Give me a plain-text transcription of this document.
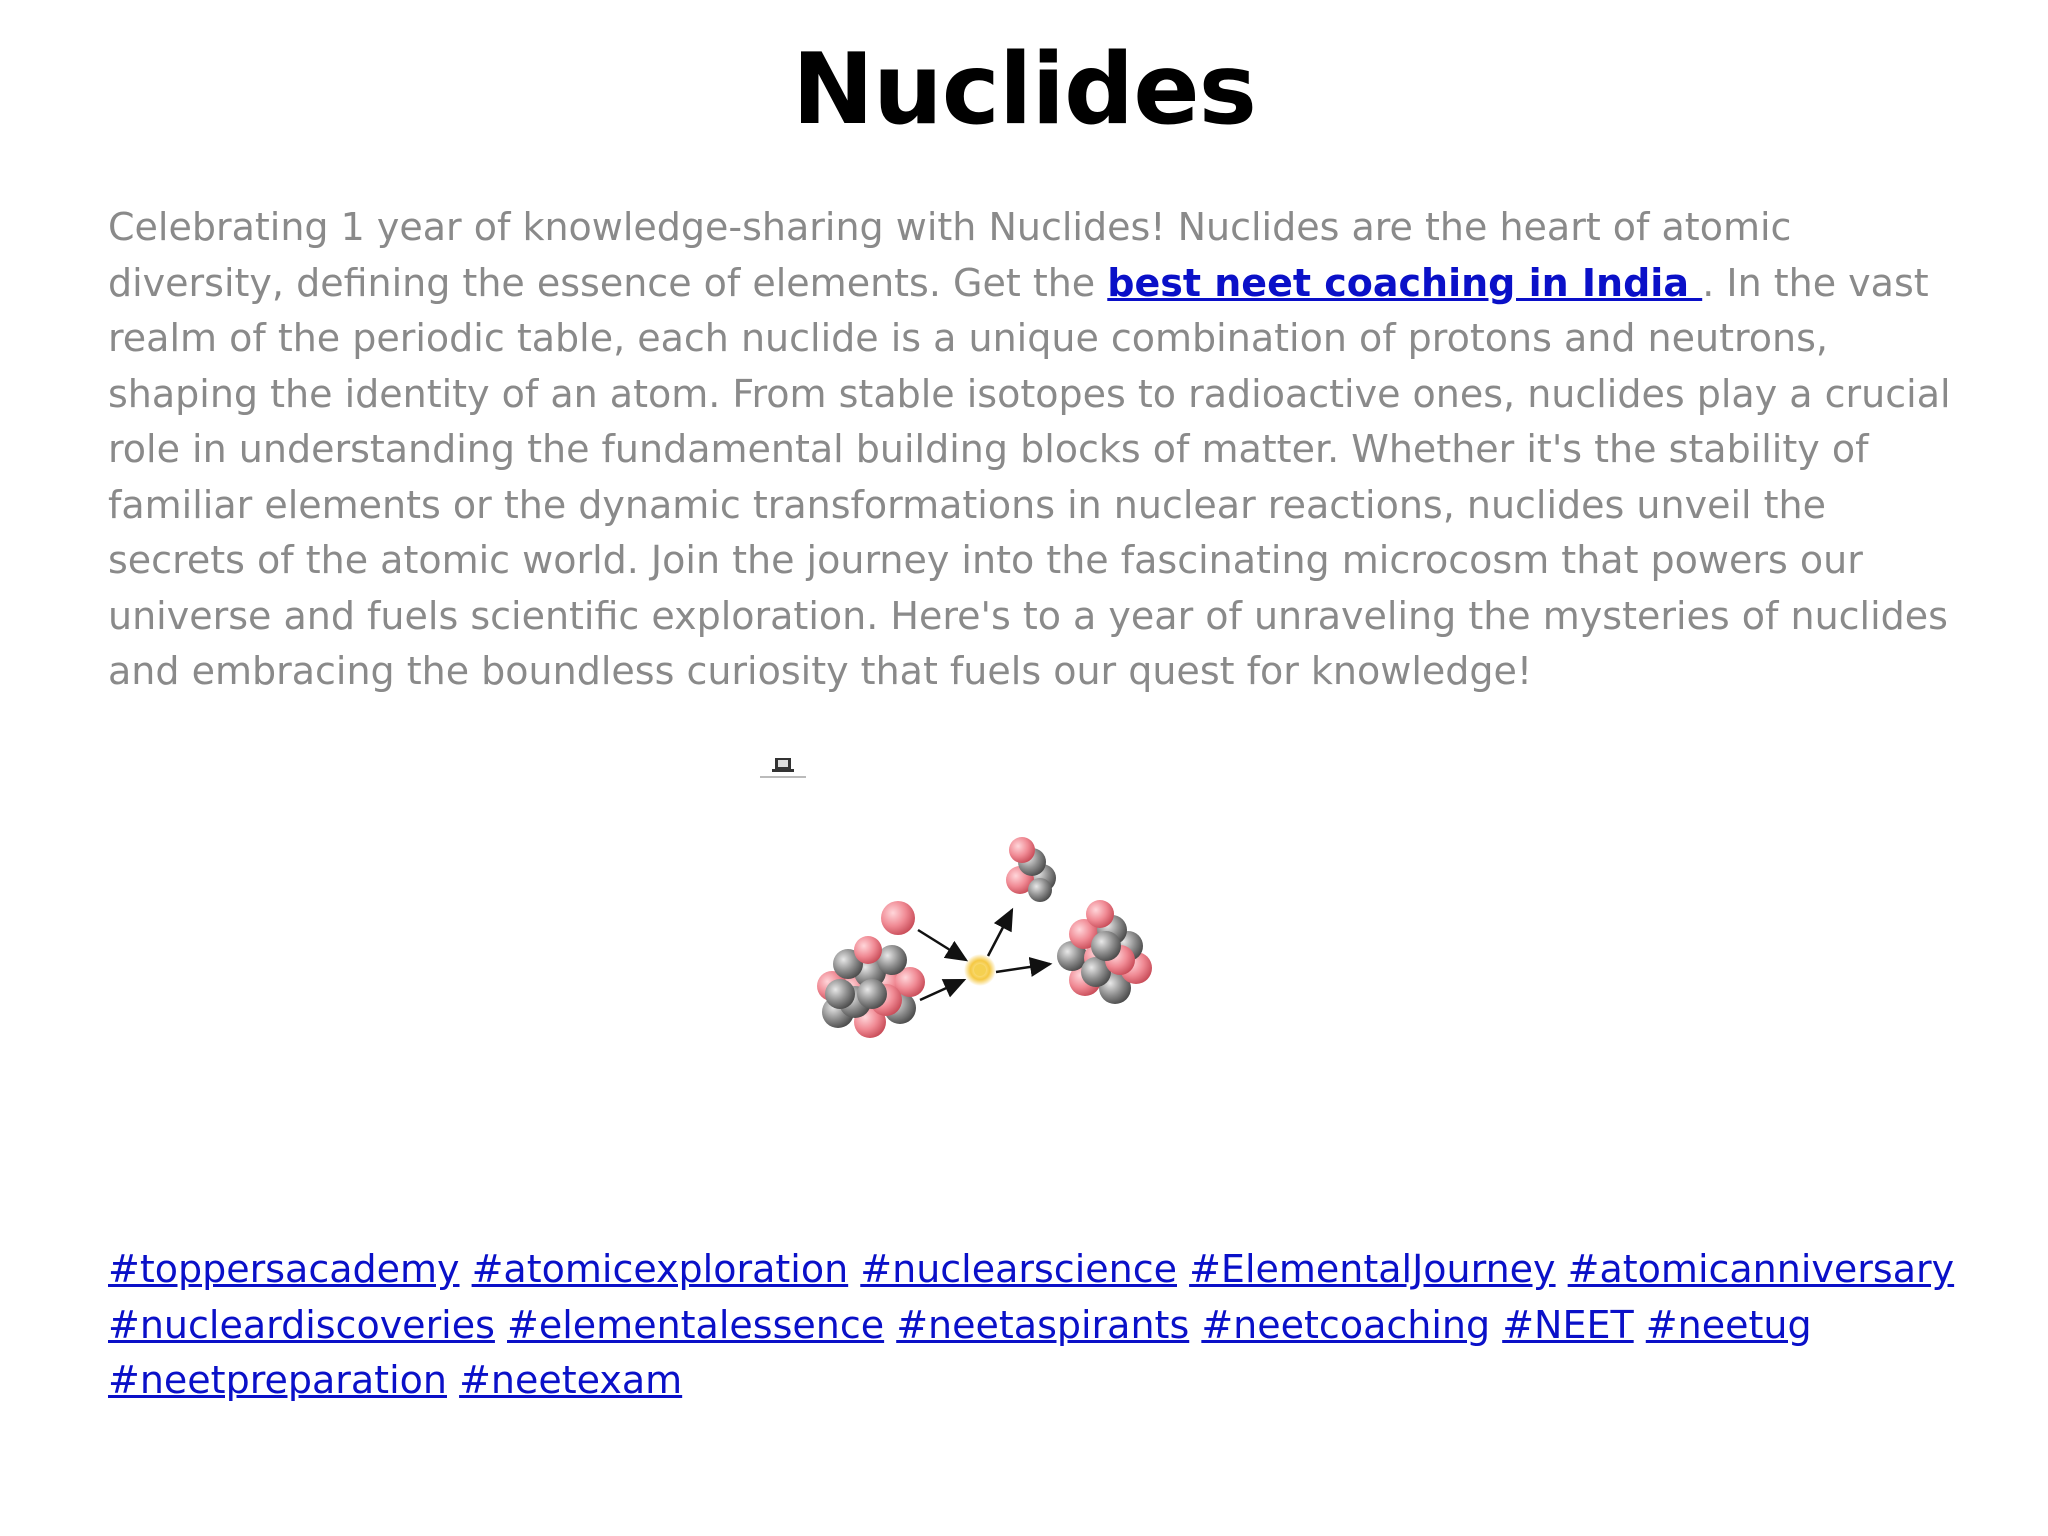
Nuclides

Celebrating 1 year of knowledge-sharing with Nuclides! Nuclides are the heart of atomic diversity, defining the essence of elements. Get the best neet coaching in India . In the vast realm of the periodic table, each nuclide is a unique combination of protons and neutrons, shaping the identity of an atom. From stable isotopes to radioactive ones, nuclides play a crucial role in understanding the fundamental building blocks of matter. Whether it's the stability of familiar elements or the dynamic transformations in nuclear reactions, nuclides unveil the secrets of the atomic world. Join the journey into the fascinating microcosm that powers our universe and fuels scientific exploration. Here's to a year of unraveling the mysteries of nuclides and embracing the boundless curiosity that fuels our quest for knowledge!

#toppersacademy #atomicexploration #nuclearscience #ElementalJourney #atomicanniversary #nucleardiscoveries #elementalessence #neetaspirants #neetcoaching #NEET #neetug #neetpreparation #neetexam
